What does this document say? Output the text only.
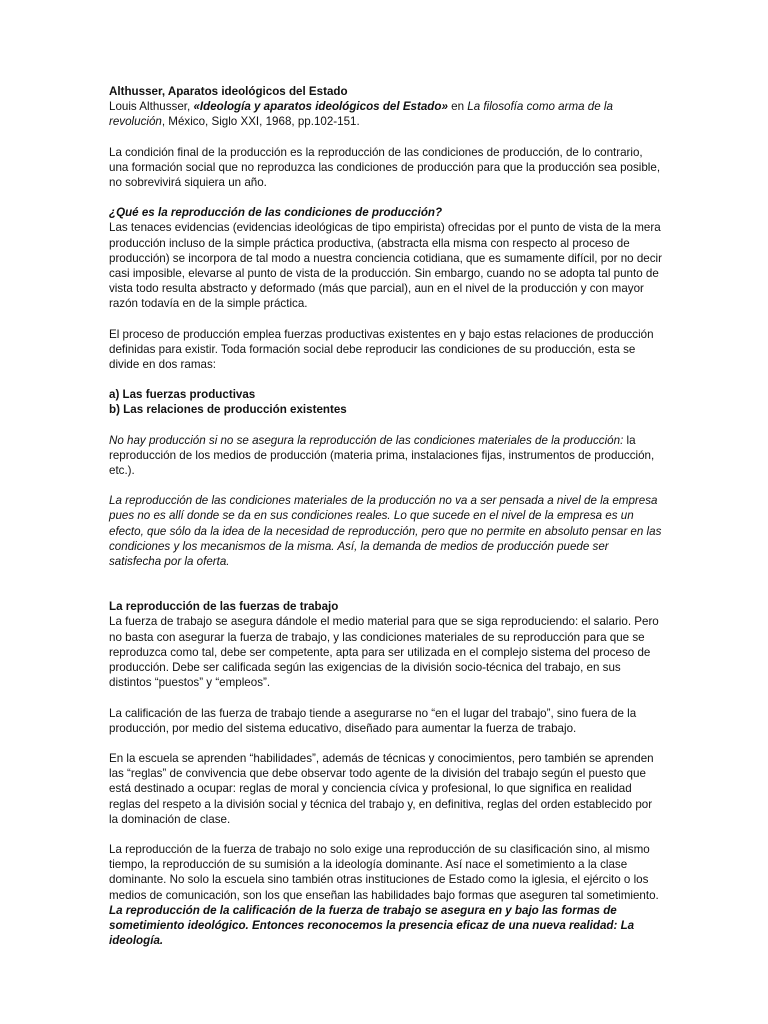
Althusser, Aparatos ideológicos del Estado

Louis Althusser, «Ideología y aparatos ideológicos del Estado» en La filosofía como arma de la revolución, México, Siglo XXI, 1968, pp.102-151.

La condición final de la producción es la reproducción de las condiciones de producción, de lo contrario, una formación social que no reproduzca las condiciones de producción para que la producción sea posible, no sobrevivirá siquiera un año.

¿Qué es la reproducción de las condiciones de producción?

Las tenaces evidencias (evidencias ideológicas de tipo empirista) ofrecidas por el punto de vista de la mera producción incluso de la simple práctica productiva, (abstracta ella misma con respecto al proceso de producción) se incorpora de tal modo a nuestra conciencia cotidiana, que es sumamente difícil, por no decir casi imposible, elevarse al punto de vista de la producción. Sin embargo, cuando no se adopta tal punto de vista todo resulta abstracto y deformado (más que parcial), aun en el nivel de la producción y con mayor razón todavía en de la simple práctica.

El proceso de producción emplea fuerzas productivas existentes en y bajo estas relaciones de producción definidas para existir. Toda formación social debe reproducir las condiciones de su producción, esta se divide en dos ramas:

a) Las fuerzas productivas

b) Las relaciones de producción existentes

No hay producción si no se asegura la reproducción de las condiciones materiales de la producción: la reproducción de los medios de producción (materia prima, instalaciones fijas, instrumentos de producción, etc.).

La reproducción de las condiciones materiales de la producción no va a ser pensada a nivel de la empresa pues no es allí donde se da en sus condiciones reales. Lo que sucede en el nivel de la empresa es un efecto, que sólo da la idea de la necesidad de reproducción, pero que no permite en absoluto pensar en las condiciones y los mecanismos de la misma. Así, la demanda de medios de producción puede ser satisfecha por la oferta.

La reproducción de las fuerzas de trabajo

La fuerza de trabajo se asegura dándole el medio material para que se siga reproduciendo: el salario. Pero no basta con asegurar la fuerza de trabajo, y las condiciones materiales de su reproducción para que se reproduzca como tal, debe ser competente, apta para ser utilizada en el complejo sistema del proceso de producción. Debe ser calificada según las exigencias de la división socio-técnica del trabajo, en sus distintos “puestos” y “empleos”.

La calificación de las fuerza de trabajo tiende a asegurarse no “en el lugar del trabajo”, sino fuera de la producción, por medio del sistema educativo, diseñado para aumentar la fuerza de trabajo.

En la escuela se aprenden “habilidades”, además de técnicas y conocimientos, pero también se aprenden las “reglas” de convivencia que debe observar todo agente de la división del trabajo según el puesto que está destinado a ocupar: reglas de moral y conciencia cívica y profesional, lo que significa en realidad reglas del respeto a la división social y técnica del trabajo y, en definitiva, reglas del orden establecido por la dominación de clase.

La reproducción de la fuerza de trabajo no solo exige una reproducción de su clasificación sino, al mismo tiempo, la reproducción de su sumisión a la ideología dominante. Así nace el sometimiento a la clase dominante. No solo la escuela sino también otras instituciones de Estado como la iglesia, el ejército o los medios de comunicación, son los que enseñan las habilidades bajo formas que aseguren tal sometimiento. La reproducción de la calificación de la fuerza de trabajo se asegura en y bajo las formas de sometimiento ideológico. Entonces reconocemos la presencia eficaz de una nueva realidad: La ideología.
